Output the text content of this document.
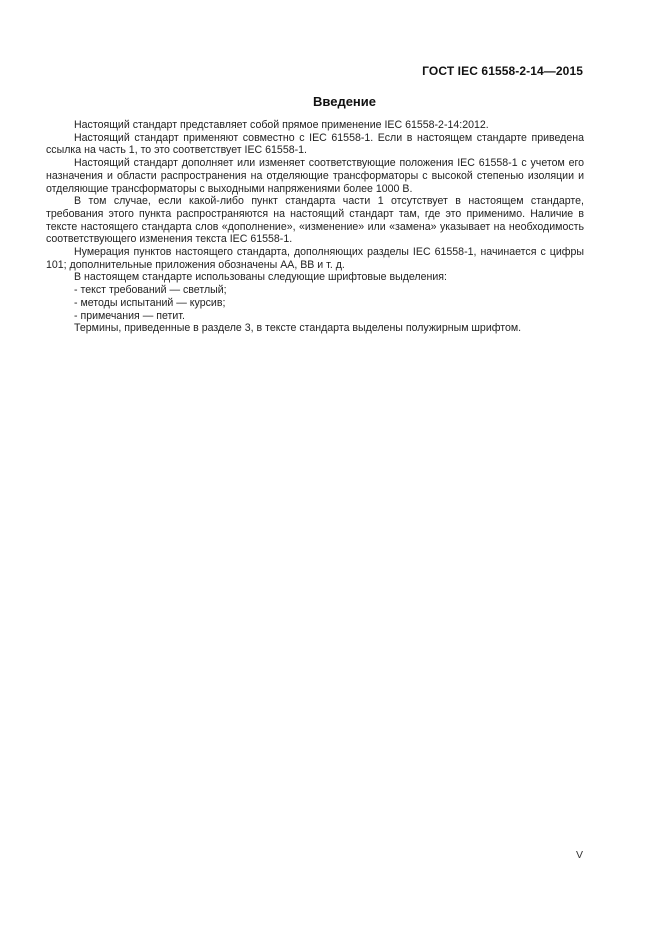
ГОСТ IEC 61558-2-14—2015
Введение

Настоящий стандарт представляет собой прямое применение IEC 61558-2-14:2012.

Настоящий стандарт применяют совместно с IEC 61558-1. Если в настоящем стандарте приведена ссылка на часть 1, то это соответствует IEC 61558-1.

Настоящий стандарт дополняет или изменяет соответствующие положения IEC 61558-1 с учетом его назначения и области распространения на отделяющие трансформаторы с высокой степенью изоляции и отделяющие трансформаторы с выходными напряжениями более 1000 В.

В том случае, если какой-либо пункт стандарта части 1 отсутствует в настоящем стандарте, требования этого пункта распространяются на настоящий стандарт там, где это применимо. Наличие в тексте настоящего стандарта слов «дополнение», «изменение» или «замена» указывает на необходимость соответствующего изменения текста IEC 61558-1.

Нумерация пунктов настоящего стандарта, дополняющих разделы IEC 61558-1, начинается с цифры 101; дополнительные приложения обозначены AA, BB и т. д.

В настоящем стандарте использованы следующие шрифтовые выделения:

- текст требований — светлый;

- методы испытаний — курсив;

- примечания — петит.

Термины, приведенные в разделе 3, в тексте стандарта выделены полужирным шрифтом.

V
